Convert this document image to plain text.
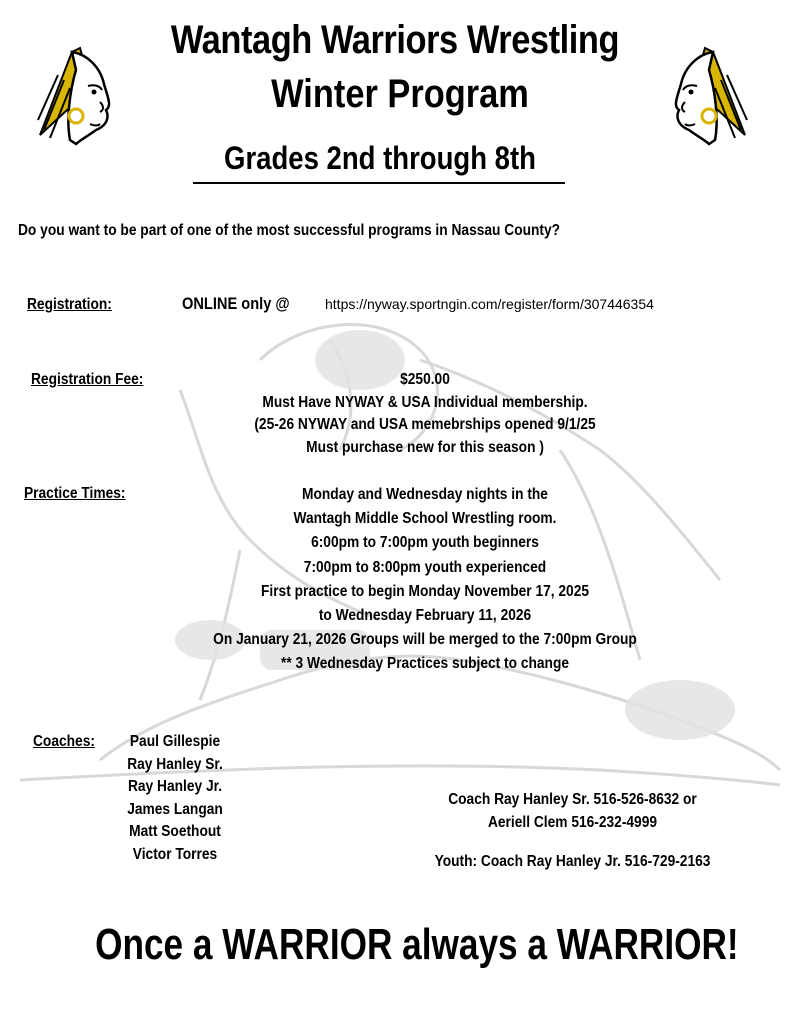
Wantagh Warriors Wrestling
Winter Program
Grades 2nd through 8th
Do you want to be part of one of the most successful programs in Nassau County?
Registration:	ONLINE only @	https://nyway.sportngin.com/register/form/307446354
Registration Fee:	$250.00
Must Have NYWAY & USA Individual membership.
(25-26 NYWAY and USA memebrships opened 9/1/25
Must purchase new for this season )
Practice Times:	Monday and Wednesday nights in the
Wantagh Middle School Wrestling room.
6:00pm to 7:00pm youth beginners
7:00pm to 8:00pm youth experienced
First practice to begin Monday November 17, 2025
to Wednesday February 11, 2026
On January 21, 2026 Groups will be merged to the 7:00pm Group
** 3 Wednesday Practices subject to change
Coaches:	Paul Gillespie
Ray Hanley Sr.
Ray Hanley Jr.
James Langan
Matt Soethout
Victor Torres
Coach Ray Hanley Sr. 516-526-8632 or
Aeriell Clem 516-232-4999
Youth: Coach Ray Hanley Jr. 516-729-2163
Once a WARRIOR always a WARRIOR!
